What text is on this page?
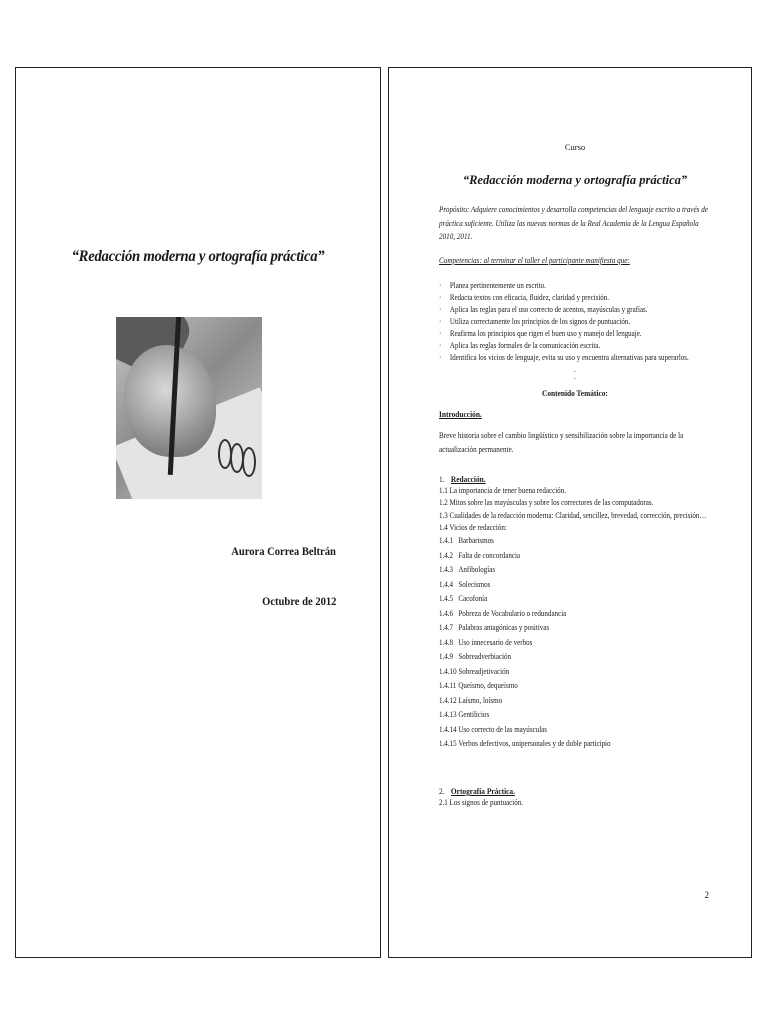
“Redacción moderna y ortografía práctica”
Aurora Correa Beltrán
Octubre de 2012
Curso
“Redacción moderna y ortografía práctica”
Propósito: Adquiere conocimientos y desarrolla competencias del lenguaje escrito a través de práctica suficiente. Utiliza las nuevas normas de la Real Academia de la Lengua Española 2010, 2011.
Competencias: al terminar el taller el participante manifiesta que:
· Planea pertinentemente un escrito.
· Redacta textos con eficacia, fluidez, claridad y precisión.
· Aplica las reglas para el uso correcto de acentos, mayúsculas y grafías.
· Utiliza correctamente los principios de los signos de puntuación.
· Reafirma los principios que rigen el buen uso y manejo del lenguaje.
· Aplica las reglas formales de la comunicación escrita.
· Identifica los vicios de lenguaje, evita su uso y encuentra alternativas para superarlos.
.
.
Contenido Temático:
Introducción.
Breve historia sobre el cambio lingüístico y sensibilización sobre la importancia de la actualización permanente.
1. Redacción.
1.1 La importancia de tener buena redacción.
1.2 Mitos sobre las mayúsculas y sobre los correctores de las computadoras.
1.3 Cualidades de la redacción moderna: Claridad, sencillez, brevedad, corrección, precisión…
1.4 Vicios de redacción:
1.4.1 Barbarismos
1.4.2 Falta de concordancia
1.4.3 Anfibologías
1.4.4 Solecismos
1.4.5 Cacofonía
1.4.6 Pobreza de Vocabulario o redundancia
1.4.7 Palabras antagónicas y positivas
1.4.8 Uso innecesario de verbos
1.4.9 Sobreadverbiación
1.4.10 Sobreadjetivación
1.4.11 Queísmo, dequeísmo
1.4.12 Laísmo, loísmo
1.4.13 Gentilicios
1.4.14 Uso correcto de las mayúsculas
1.4.15 Verbos defectivos, unipersonales y de doble participio
2. Ortografía Práctica.
2.1 Los signos de puntuación.
2
